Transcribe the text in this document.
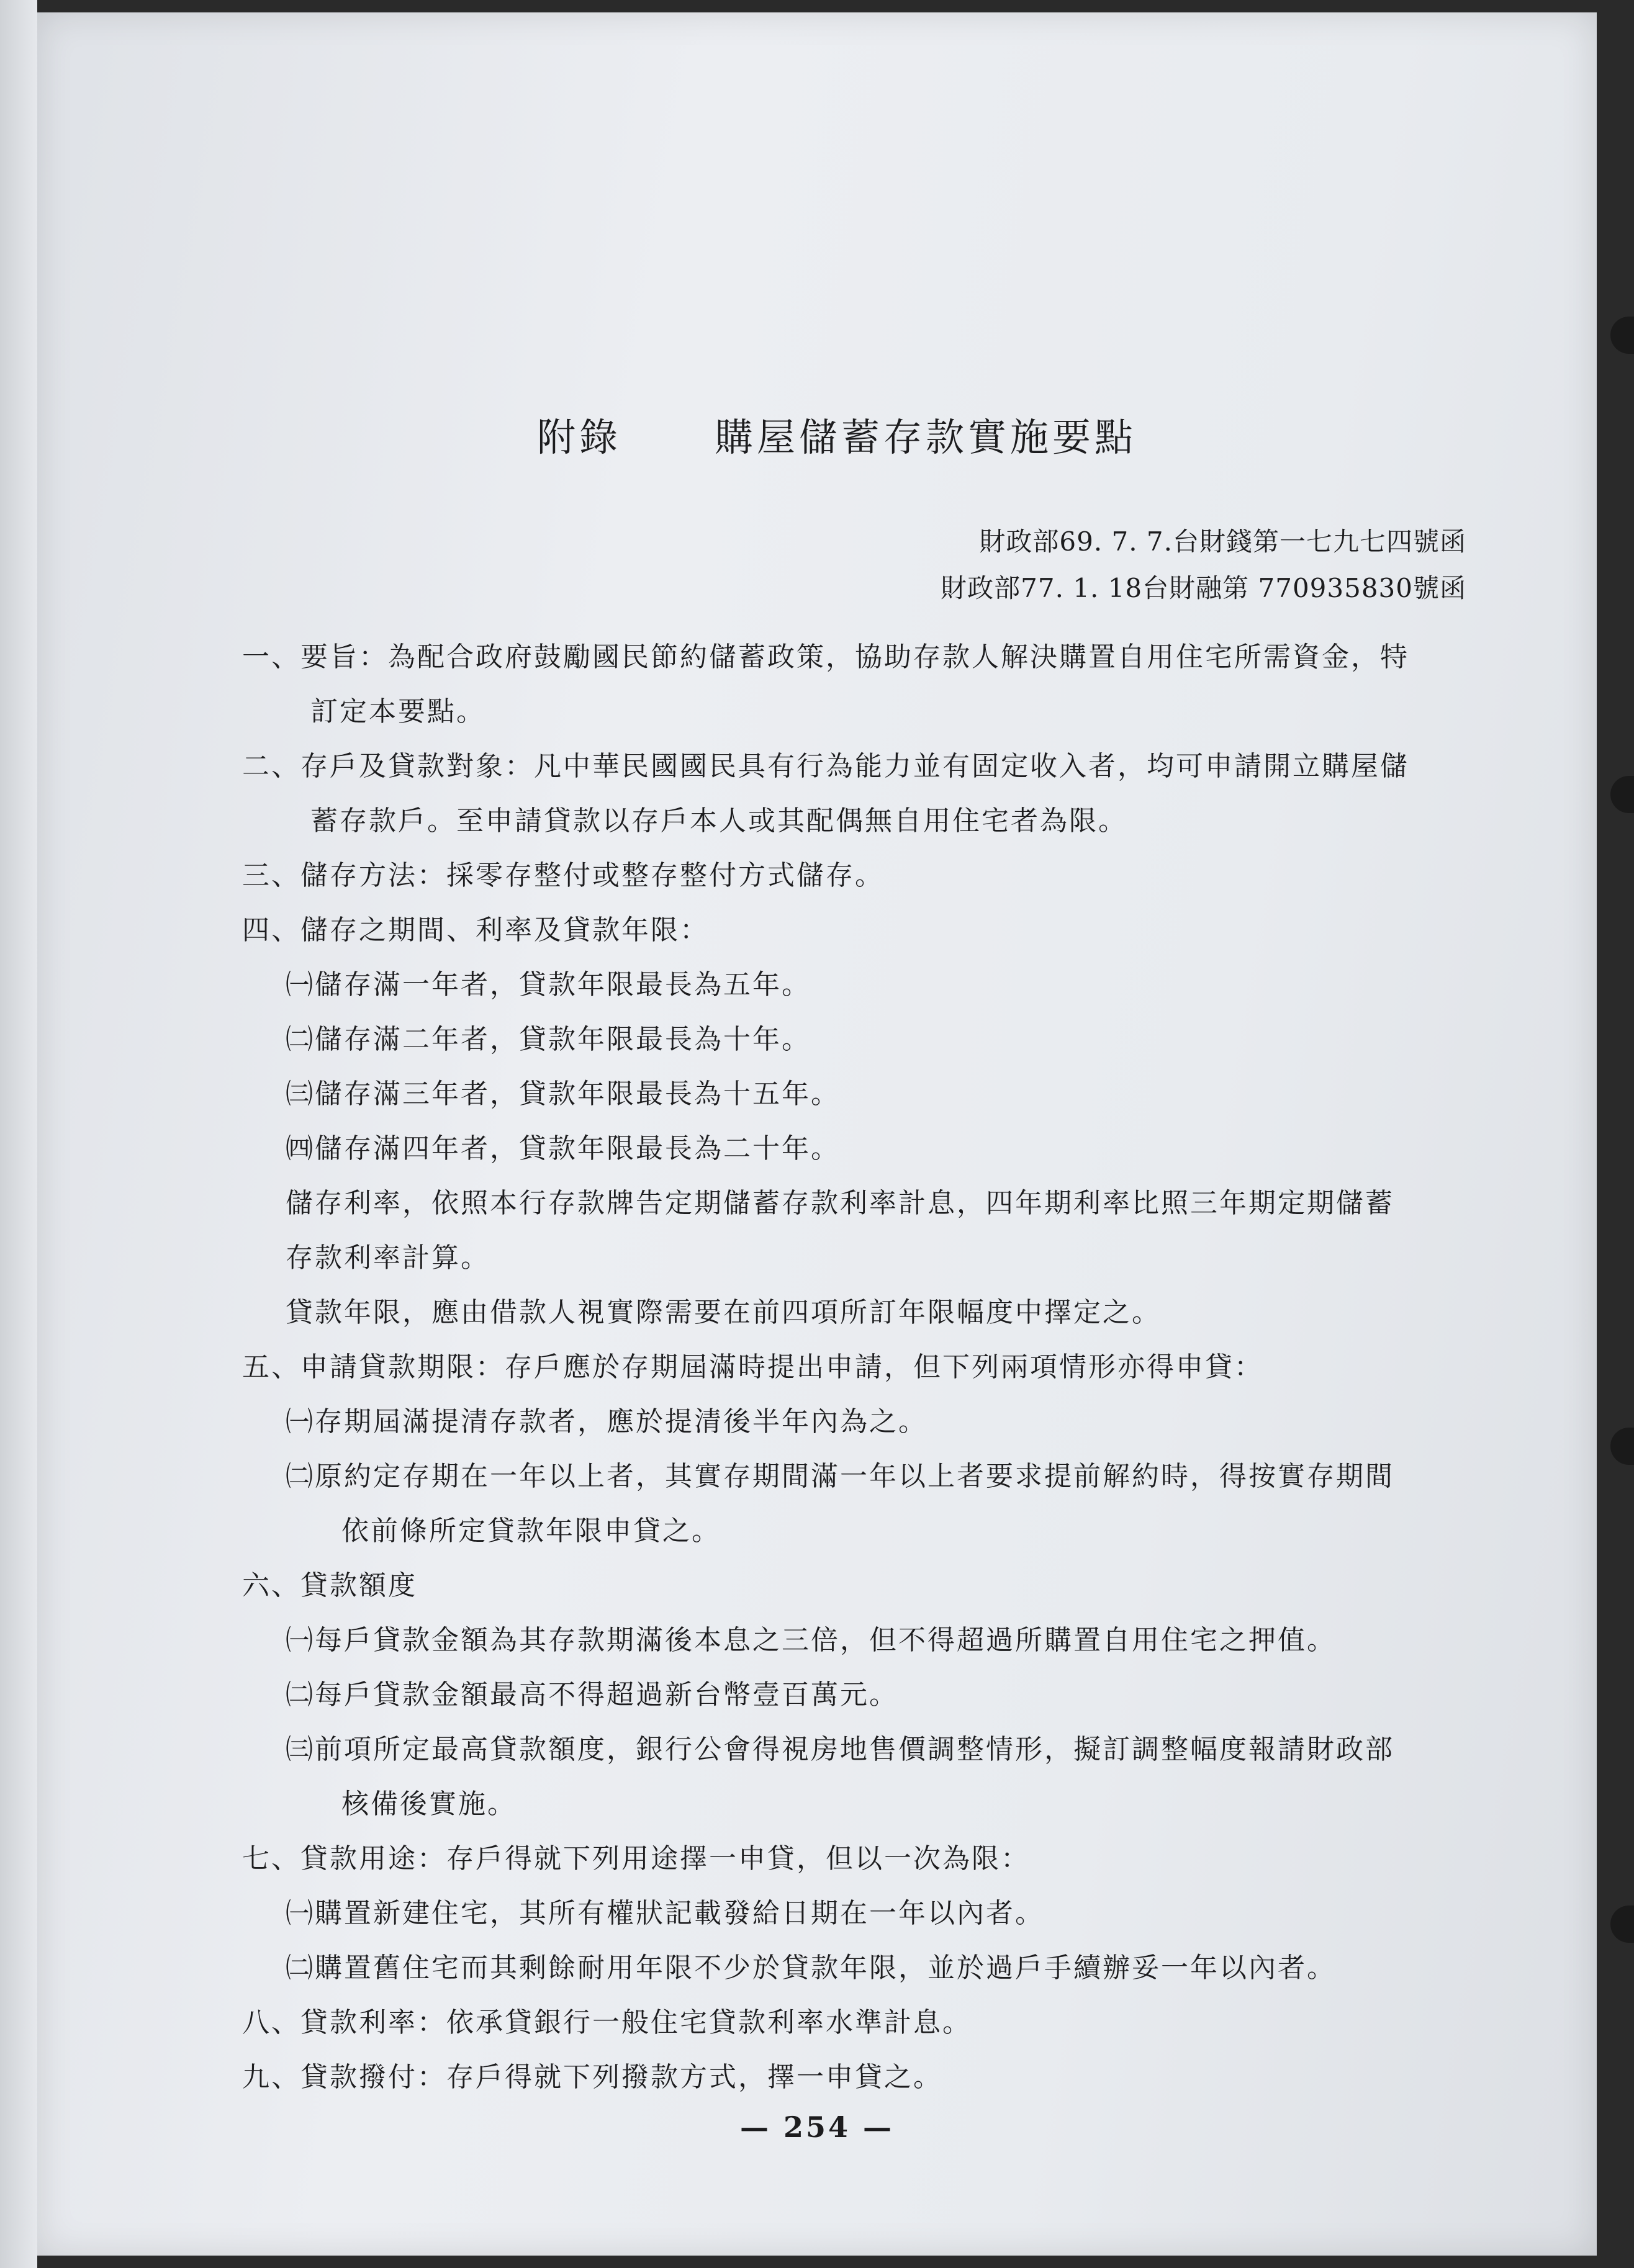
附錄 購屋儲蓄存款實施要點
財政部69. 7. 7.台財錢第一七九七四號函
財政部77. 1. 18台財融第 770935830號函

一、要旨：為配合政府鼓勵國民節約儲蓄政策，協助存款人解決購置自用住宅所需資金，特

訂定本要點。

二、存戶及貸款對象：凡中華民國國民具有行為能力並有固定收入者，均可申請開立購屋儲

蓄存款戶。至申請貸款以存戶本人或其配偶無自用住宅者為限。

三、儲存方法：採零存整付或整存整付方式儲存。

四、儲存之期間、利率及貸款年限：

㈠儲存滿一年者，貸款年限最長為五年。

㈡儲存滿二年者，貸款年限最長為十年。

㈢儲存滿三年者，貸款年限最長為十五年。

㈣儲存滿四年者，貸款年限最長為二十年。

儲存利率，依照本行存款牌告定期儲蓄存款利率計息，四年期利率比照三年期定期儲蓄

存款利率計算。

貸款年限，應由借款人視實際需要在前四項所訂年限幅度中擇定之。

五、申請貸款期限：存戶應於存期屆滿時提出申請，但下列兩項情形亦得申貸：

㈠存期屆滿提清存款者，應於提清後半年內為之。

㈡原約定存期在一年以上者，其實存期間滿一年以上者要求提前解約時，得按實存期間

依前條所定貸款年限申貸之。

六、貸款額度

㈠每戶貸款金額為其存款期滿後本息之三倍，但不得超過所購置自用住宅之押值。

㈡每戶貸款金額最高不得超過新台幣壹百萬元。

㈢前項所定最高貸款額度，銀行公會得視房地售價調整情形，擬訂調整幅度報請財政部

核備後實施。

七、貸款用途：存戶得就下列用途擇一申貸，但以一次為限：

㈠購置新建住宅，其所有權狀記載發給日期在一年以內者。

㈡購置舊住宅而其剩餘耐用年限不少於貸款年限，並於過戶手續辦妥一年以內者。

八、貸款利率：依承貸銀行一般住宅貸款利率水準計息。

九、貸款撥付：存戶得就下列撥款方式，擇一申貸之。

— 254 —
